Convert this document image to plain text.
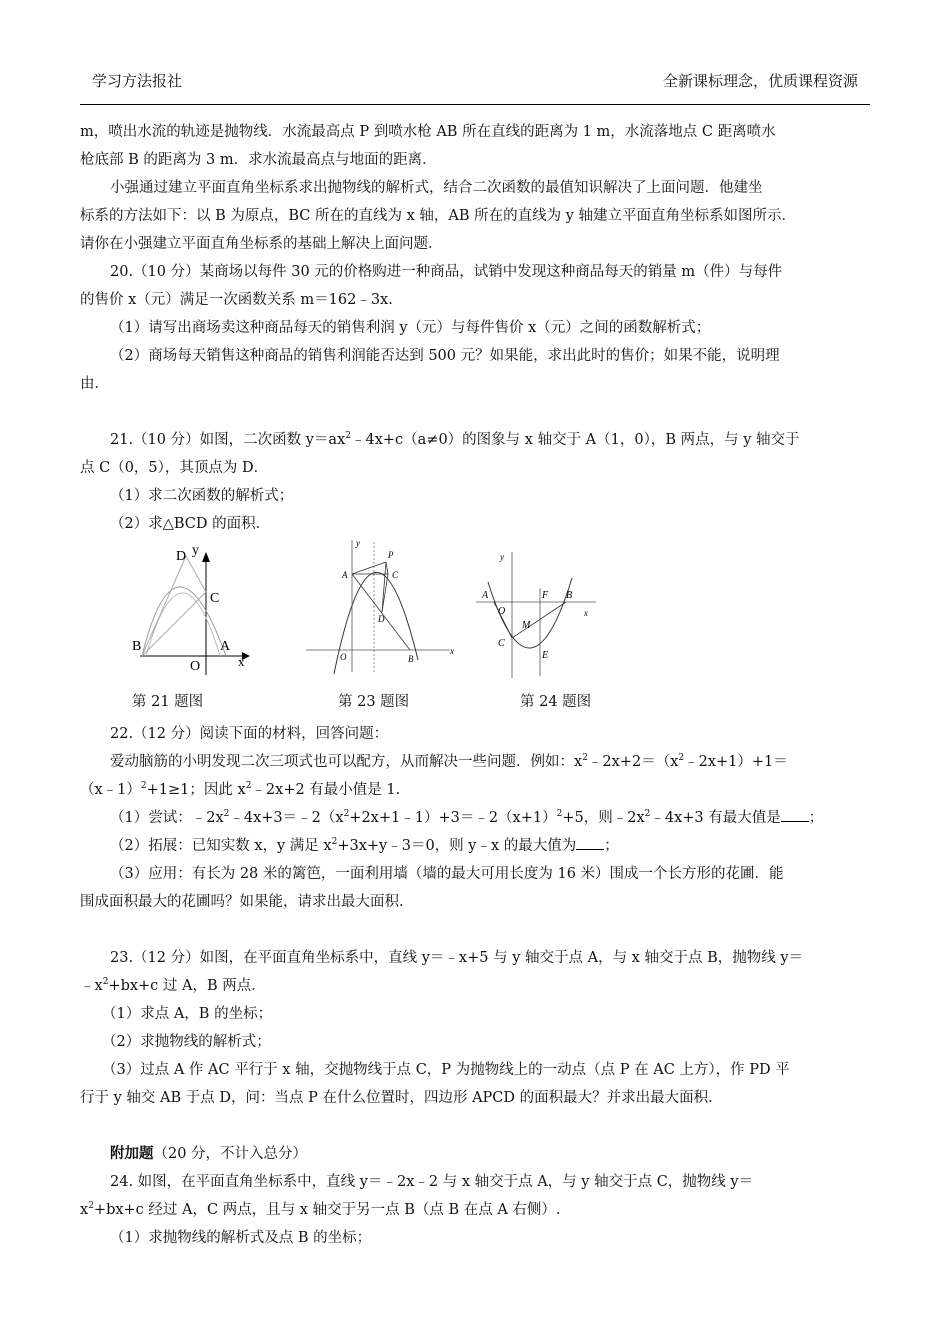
学习方法报社	全新课标理念，优质课程资源

m，喷出水流的轨迹是抛物线．水流最高点 P 到喷水枪 AB 所在直线的距离为 1 m，水流落地点 C 距离喷水

枪底部 B 的距离为 3 m．求水流最高点与地面的距离．

小强通过建立平面直角坐标系求出抛物线的解析式，结合二次函数的最值知识解决了上面问题．他建坐

标系的方法如下：以 B 为原点，BC 所在的直线为 x 轴，AB 所在的直线为 y 轴建立平面直角坐标系如图所示．

请你在小强建立平面直角坐标系的基础上解决上面问题．

20.（10 分）某商场以每件 30 元的价格购进一种商品，试销中发现这种商品每天的销量 m（件）与每件

的售价 x（元）满足一次函数关系 m＝162﹣3x.

（1）请写出商场卖这种商品每天的销售利润 y（元）与每件售价 x（元）之间的函数解析式；

（2）商场每天销售这种商品的销售利润能否达到 500 元？如果能，求出此时的售价；如果不能，说明理

由．

21.（10 分）如图，二次函数 $y=ax^2﹣4x+c(a\ne 0)$的图象与 x 轴交于 A（1，0），B 两点，与 y 轴交于

点 C（0，5），其顶点为 D．

（1）求二次函数的解析式；

（2）求△BCD 的面积．

D y
C
B	A
O	x
x
y
P
A	C
D
O	B
x
y
A
O
F B
M
C
E
第 21 题图	第 23 题图	第 24 题图

22.（12 分）阅读下面的材料，回答问题：

爱动脑筋的小明发现二次三项式也可以配方，从而解决一些问题．例如：$x^2﹣2x+2=(x^2﹣2x+1)+1=$

（x﹣1）$^2$+1≥1；因此 $x^2﹣2x+2$ 有最小值是 1.

（1）尝试：$﹣2x^2﹣4x+3=﹣2(x^2+2x+1﹣1)+3=﹣2(x+1)^2+5$，则$﹣2x^2﹣4x+3$ 有最大值是 ；

（2）拓展：已知实数 x，y 满足 $x^2+3x+y﹣3=0$，则 y﹣x 的最大值为 ；

（3）应用：有长为 28 米的篱笆，一面利用墙（墙的最大可用长度为 16 米）围成一个长方形的花圃．能

围成面积最大的花圃吗？如果能，请求出最大面积.

23.（12 分）如图，在平面直角坐标系中，直线 y＝﹣x+5 与 y 轴交于点 A，与 x 轴交于点 B，抛物线 y＝

$﹣x^2+bx+c$ 过 A，B 两点．

（1）求点 A，B 的坐标；

（2）求抛物线的解析式；

（3）过点 A 作 AC 平行于 x 轴，交抛物线于点 C，P 为抛物线上的一动点（点 P 在 AC 上方），作 PD 平

行于 y 轴交 AB 于点 D，问：当点 P 在什么位置时，四边形 APCD 的面积最大？并求出最大面积.

附加题（20 分，不计入总分）

24. 如图，在平面直角坐标系中，直线 y＝﹣2x﹣2 与 x 轴交于点 A，与 y 轴交于点 C，抛物线 y＝

$x^2+bx+c$ 经过 A，C 两点，且与 x 轴交于另一点 B（点 B 在点 A 右侧）.

（1）求抛物线的解析式及点 B 的坐标；
